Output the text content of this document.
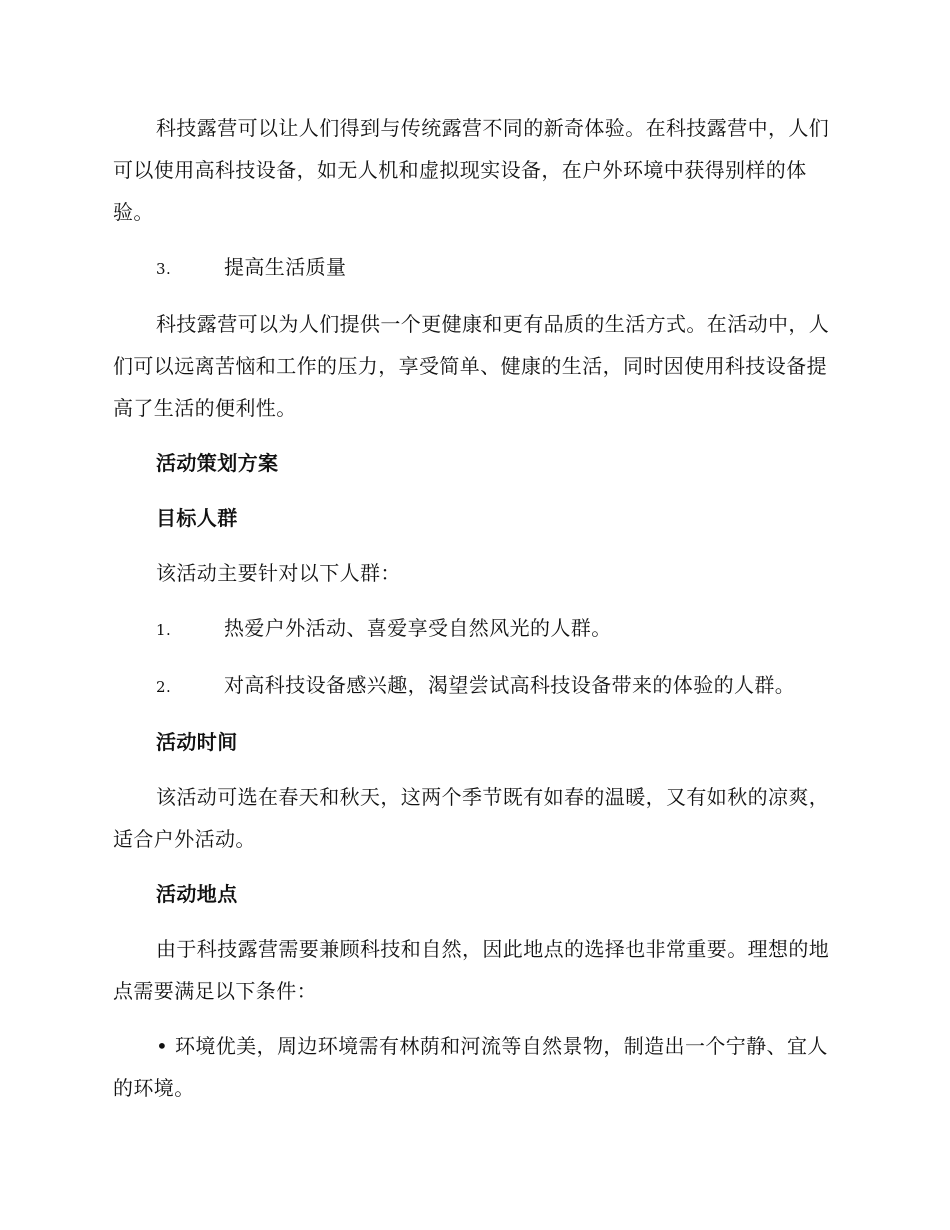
科技露营可以让人们得到与传统露营不同的新奇体验。在科技露营中，人们可以使用高科技设备，如无人机和虚拟现实设备，在户外环境中获得别样的体验。

3.	提高生活质量

科技露营可以为人们提供一个更健康和更有品质的生活方式。在活动中，人们可以远离苦恼和工作的压力，享受简单、健康的生活，同时因使用科技设备提高了生活的便利性。

活动策划方案
目标人群

该活动主要针对以下人群：

1.	热爱户外活动、喜爱享受自然风光的人群。
2.	对高科技设备感兴趣，渴望尝试高科技设备带来的体验的人群。
活动时间

该活动可选在春天和秋天，这两个季节既有如春的温暖，又有如秋的凉爽，适合户外活动。

活动地点

由于科技露营需要兼顾科技和自然，因此地点的选择也非常重要。理想的地点需要满足以下条件：

• 环境优美，周边环境需有林荫和河流等自然景物，制造出一个宁静、宜人的环境。
